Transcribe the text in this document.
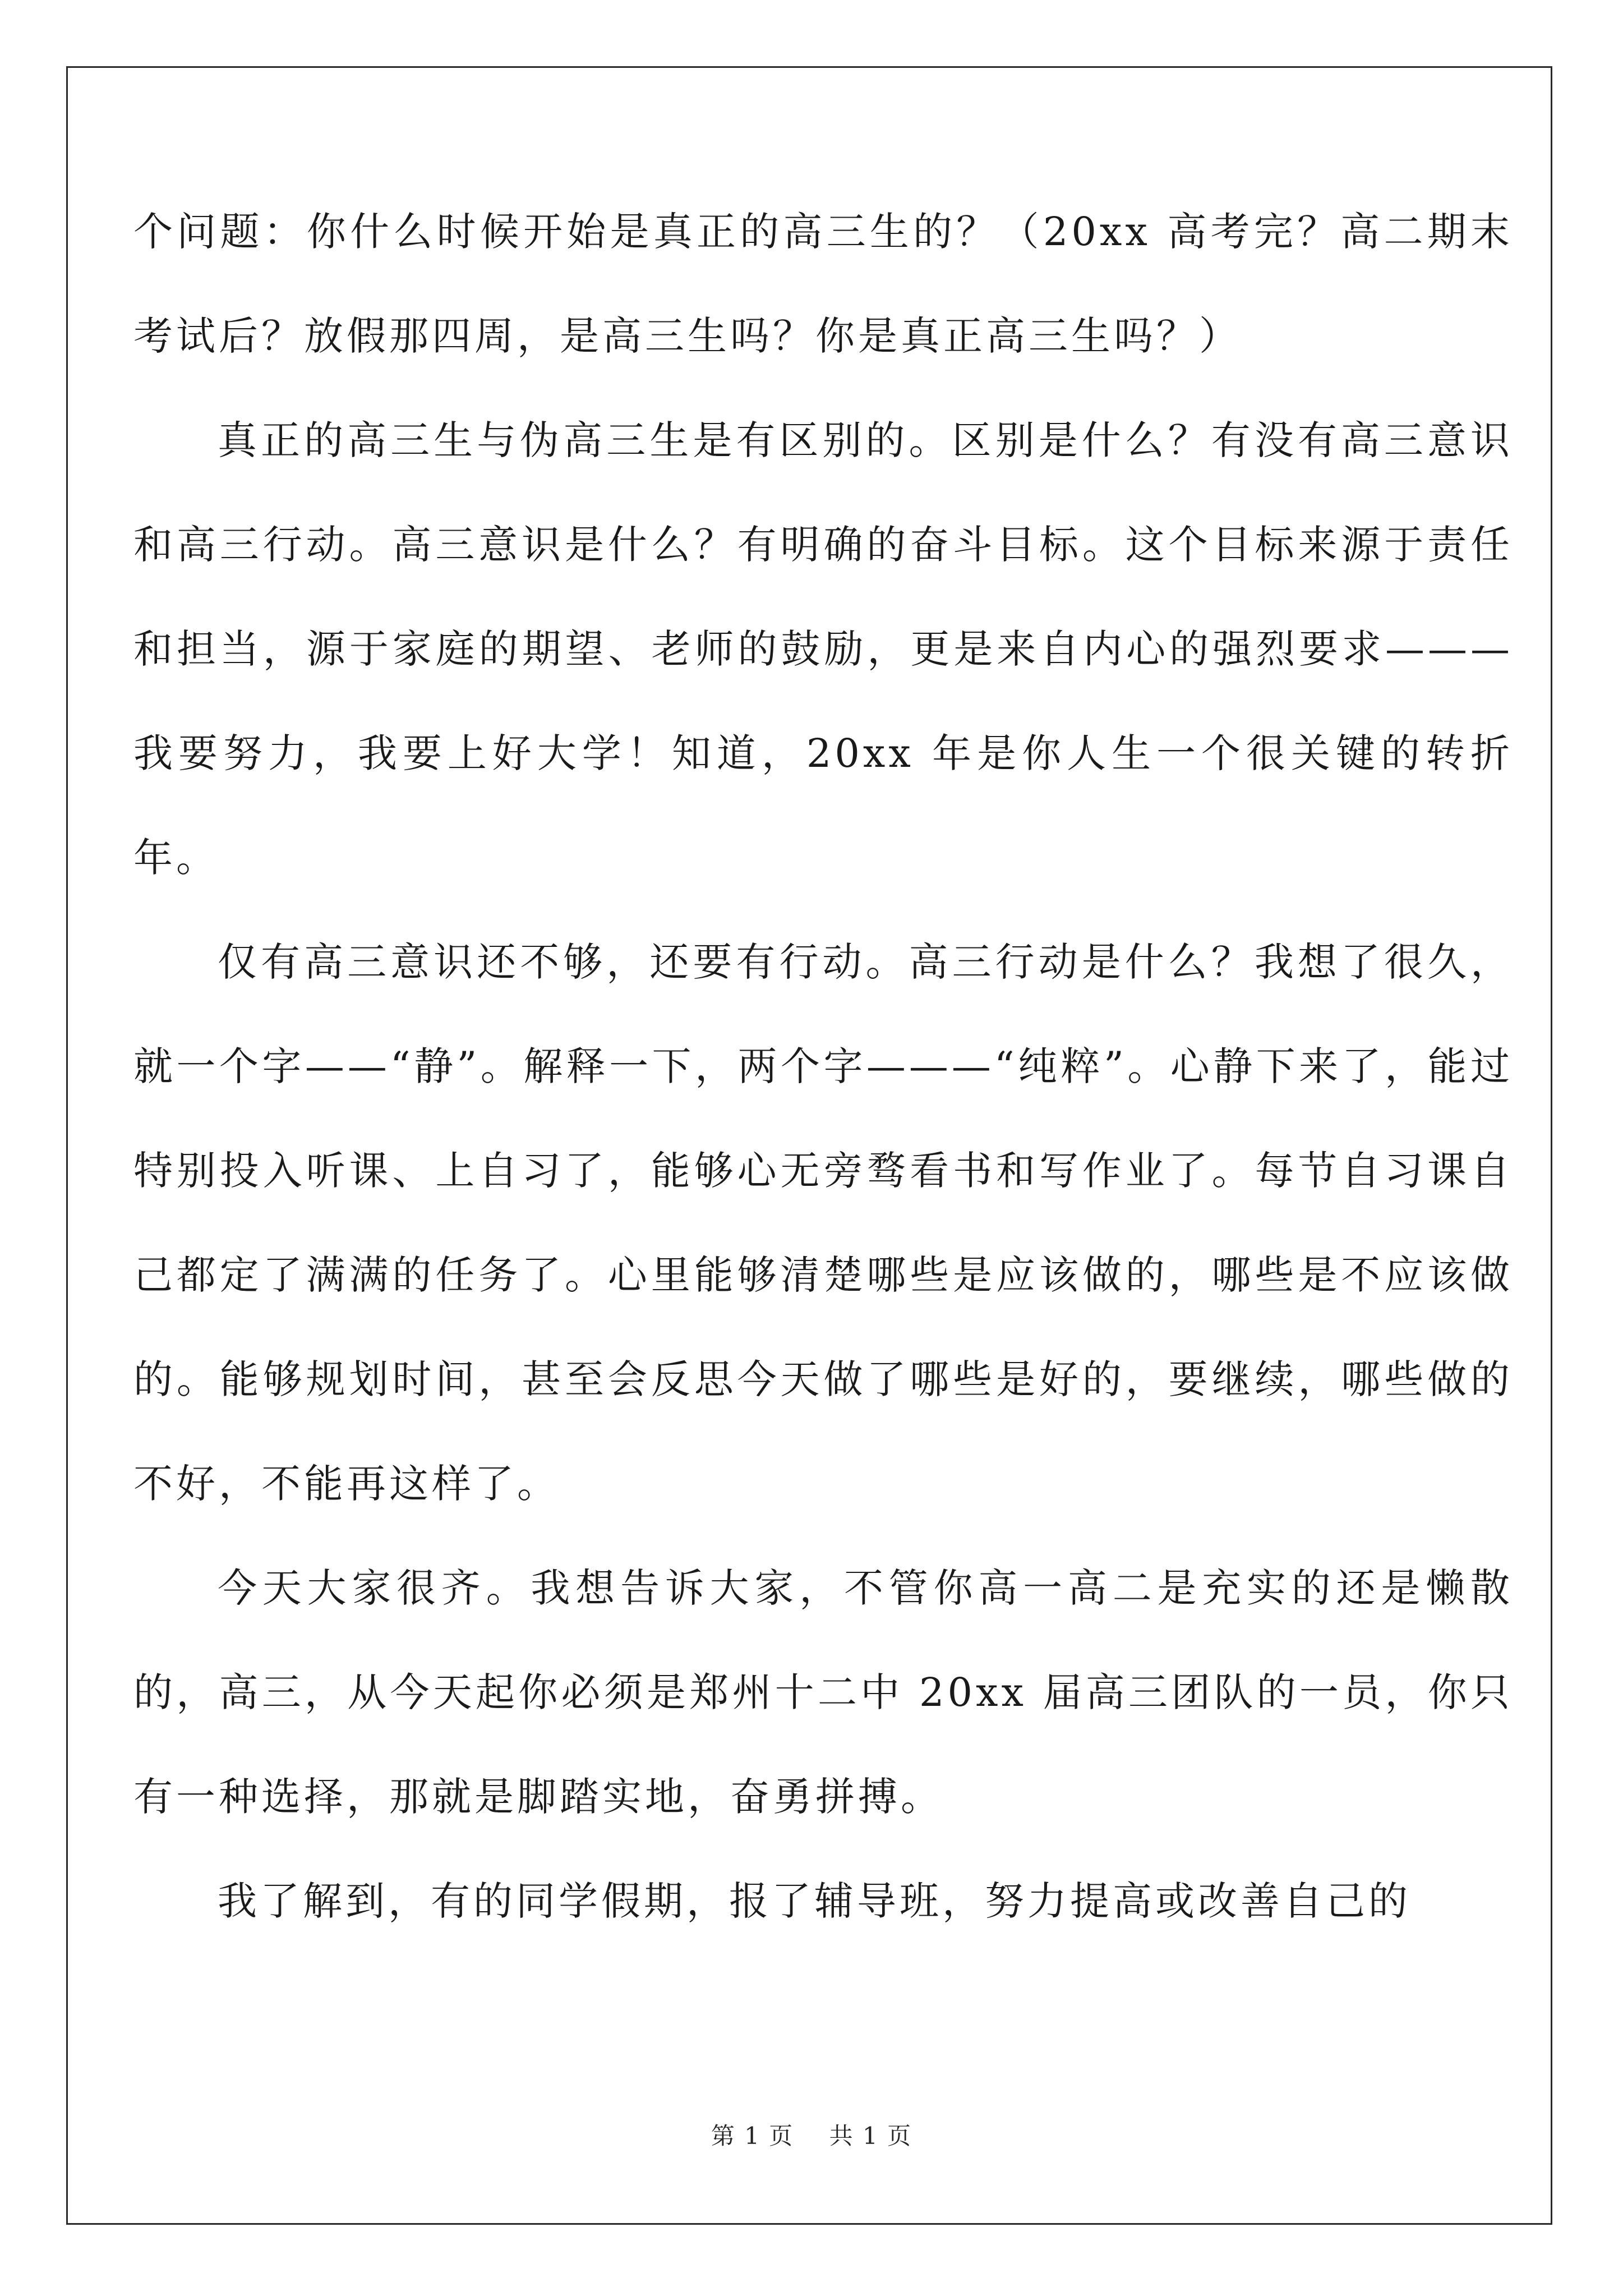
个问题：你什么时候开始是真正的高三生的？（20xx 高考完？高二期末考试后？放假那四周，是高三生吗？你是真正高三生吗？）

真正的高三生与伪高三生是有区别的。区别是什么？有没有高三意识和高三行动。高三意识是什么？有明确的奋斗目标。这个目标来源于责任和担当，源于家庭的期望、老师的鼓励，更是来自内心的强烈要求———我要努力，我要上好大学！知道，20xx 年是你人生一个很关键的转折年。

仅有高三意识还不够，还要有行动。高三行动是什么？我想了很久，就一个字——“静”。解释一下，两个字———“纯粹”。心静下来了，能过特别投入听课、上自习了，能够心无旁骛看书和写作业了。每节自习课自己都定了满满的任务了。心里能够清楚哪些是应该做的，哪些是不应该做的。能够规划时间，甚至会反思今天做了哪些是好的，要继续，哪些做的不好，不能再这样了。

今天大家很齐。我想告诉大家，不管你高一高二是充实的还是懒散的，高三，从今天起你必须是郑州十二中 20xx 届高三团队的一员，你只有一种选择，那就是脚踏实地，奋勇拼搏。

我了解到，有的同学假期，报了辅导班，努力提高或改善自己的

第 1 页 共 1 页
